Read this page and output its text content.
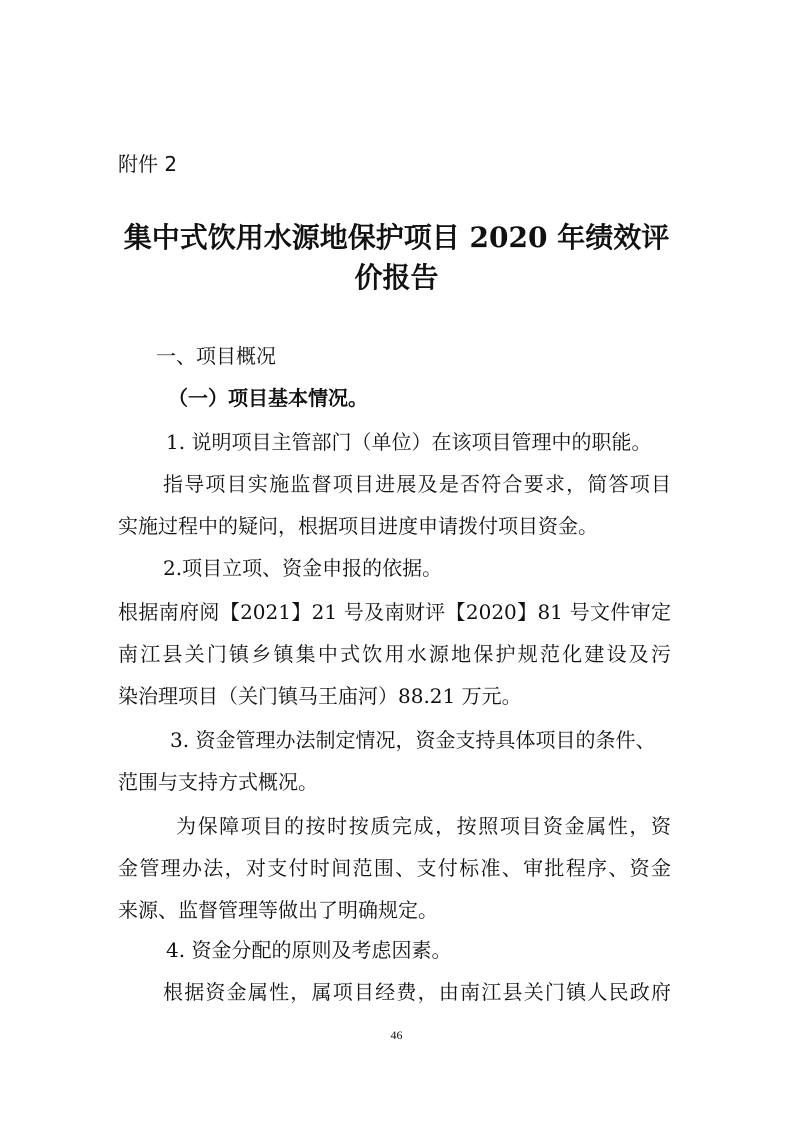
附件 2
集中式饮用水源地保护项目 2020 年绩效评
价报告
一、项目概况
（一）项目基本情况。
1. 说明项目主管部门（单位）在该项目管理中的职能。
指导项目实施监督项目进展及是否符合要求，简答项目
实施过程中的疑问，根据项目进度申请拨付项目资金。
2.项目立项、资金申报的依据。
根据南府阅【2021】21 号及南财评【2020】81 号文件审定
南江县关门镇乡镇集中式饮用水源地保护规范化建设及污
染治理项目（关门镇马王庙河）88.21 万元。
3. 资金管理办法制定情况，资金支持具体项目的条件、
范围与支持方式概况。
为保障项目的按时按质完成，按照项目资金属性，资
金管理办法，对支付时间范围、支付标准、审批程序、资金
来源、监督管理等做出了明确规定。
4. 资金分配的原则及考虑因素。
根据资金属性，属项目经费，由南江县关门镇人民政府
46
